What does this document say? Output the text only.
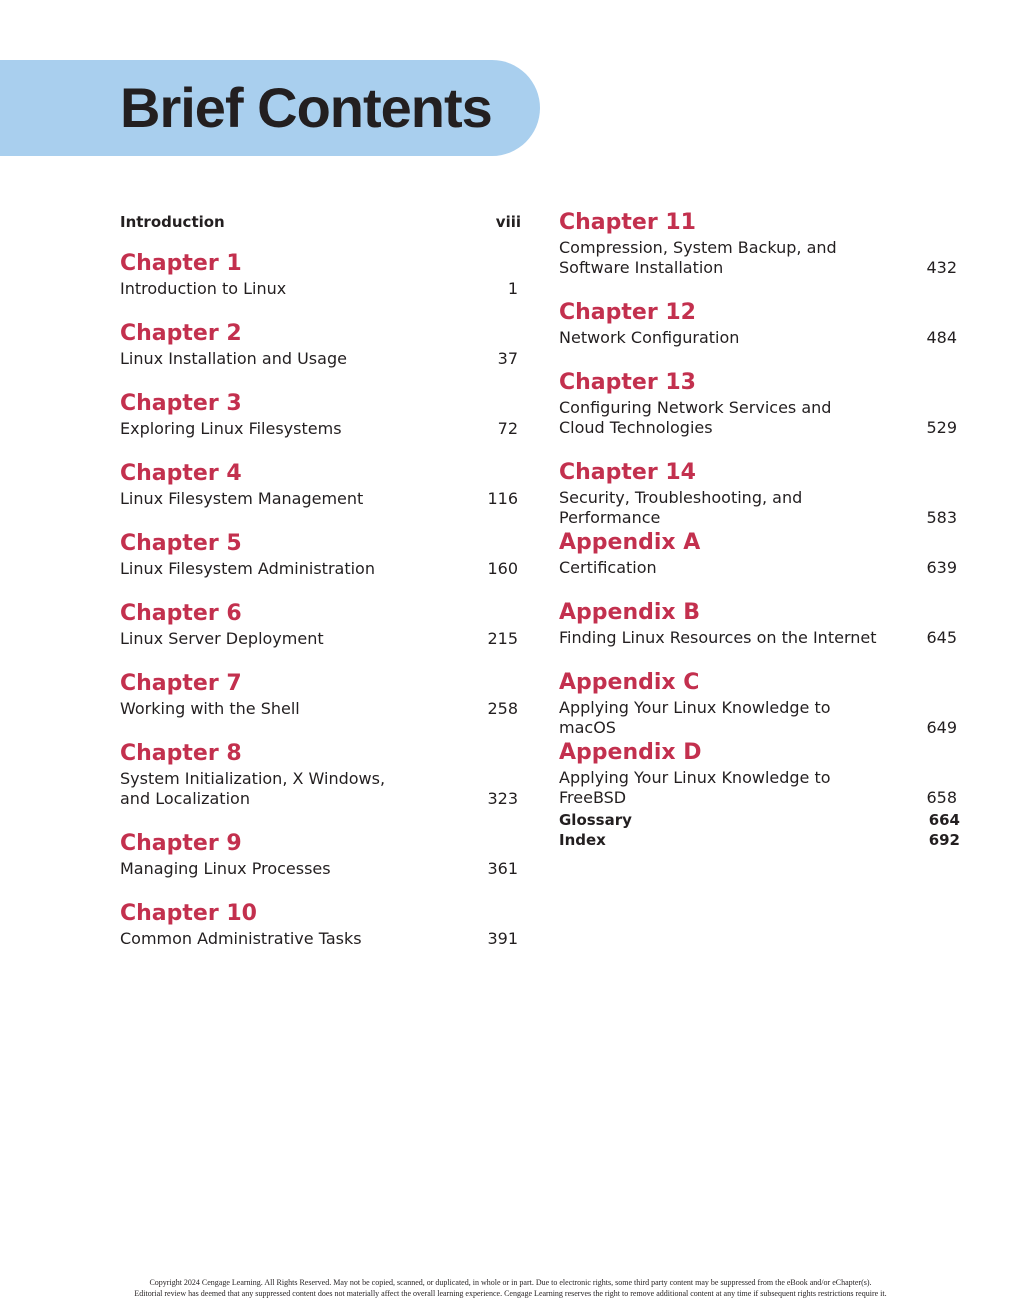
Brief Contents
Introduction	viii
Chapter 1
Introduction to Linux	1
Chapter 2
Linux Installation and Usage	37
Chapter 3
Exploring Linux Filesystems	72
Chapter 4
Linux Filesystem Management	116
Chapter 5
Linux Filesystem Administration	160
Chapter 6
Linux Server Deployment	215
Chapter 7
Working with the Shell	258
Chapter 8
System Initialization, X Windows,
and Localization	323
Chapter 9
Managing Linux Processes	361
Chapter 10
Common Administrative Tasks	391
Chapter 11
Compression, System Backup, and
Software Installation	432
Chapter 12
Network Configuration	484
Chapter 13
Configuring Network Services and
Cloud Technologies	529
Chapter 14
Security, Troubleshooting, and Performance	583
Appendix A
Certification	639
Appendix B
Finding Linux Resources on the Internet	645
Appendix C
Applying Your Linux Knowledge to macOS	649
Appendix D
Applying Your Linux Knowledge to FreeBSD	658
Glossary	664
Index	692
Copyright 2024 Cengage Learning. All Rights Reserved. May not be copied, scanned, or duplicated, in whole or in part. Due to electronic rights, some third party content may be suppressed from the eBook and/or eChapter(s).
Editorial review has deemed that any suppressed content does not materially affect the overall learning experience. Cengage Learning reserves the right to remove additional content at any time if subsequent rights restrictions require it.
